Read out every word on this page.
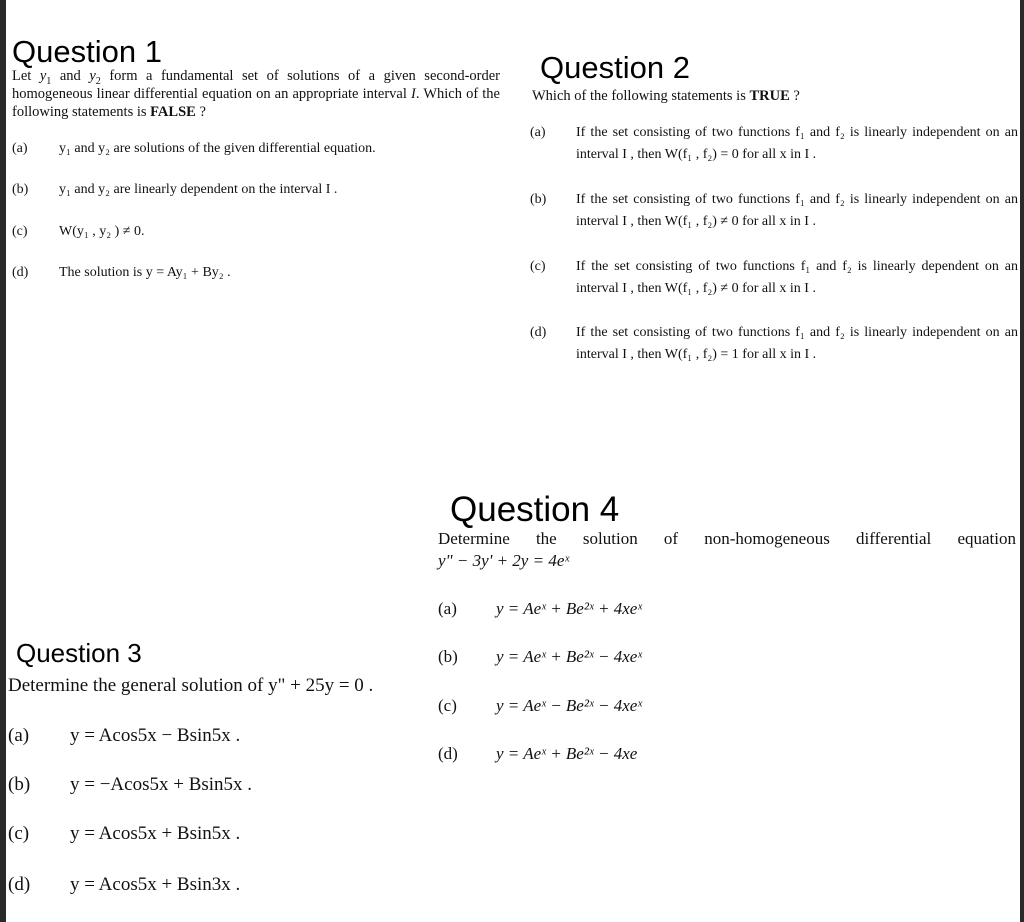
Question 1
Let $y_1$ and $y_2$ form a fundamental set of solutions of a given second-order homogeneous linear differential equation on an appropriate interval I. Which of the following statements is FALSE ?
(a)	y₁ and y₂ are solutions of the given differential equation.
(b)	y₁ and y₂ are linearly dependent on the interval I .
(c)	W(y₁ , y₂ ) ≠ 0.
(d)	The solution is y = Ay₁ + By₂ .
Question 2
Which of the following statements is TRUE ?
(a)	If the set consisting of two functions f₁ and f₂ is linearly independent on an interval I , then W(f₁ , f₂) = 0 for all x in I .
(b)	If the set consisting of two functions f₁ and f₂ is linearly independent on an interval I , then W(f₁ , f₂) ≠ 0 for all x in I .
(c)	If the set consisting of two functions f₁ and f₂ is linearly dependent on an interval I , then W(f₁ , f₂) ≠ 0 for all x in I .
(d)	If the set consisting of two functions f₁ and f₂ is linearly independent on an interval I , then W(f₁ , f₂) = 1 for all x in I .
Question 4
Determine the solution of non-homogeneous differential equation
y" − 3y' + 2y = 4eˣ
(a)	y = Aeˣ + Be²ˣ + 4xeˣ
(b)	y = Aeˣ + Be²ˣ − 4xeˣ
(c)	y = Aeˣ − Be²ˣ − 4xeˣ
(d)	y = Aeˣ + Be²ˣ − 4xe
Question 3
Determine the general solution of y" + 25y = 0 .
(a)	y = Acos5x − Bsin5x .
(b)	y = −Acos5x + Bsin5x .
(c)	y = Acos5x + Bsin5x .
(d)	y = Acos5x + Bsin3x .
